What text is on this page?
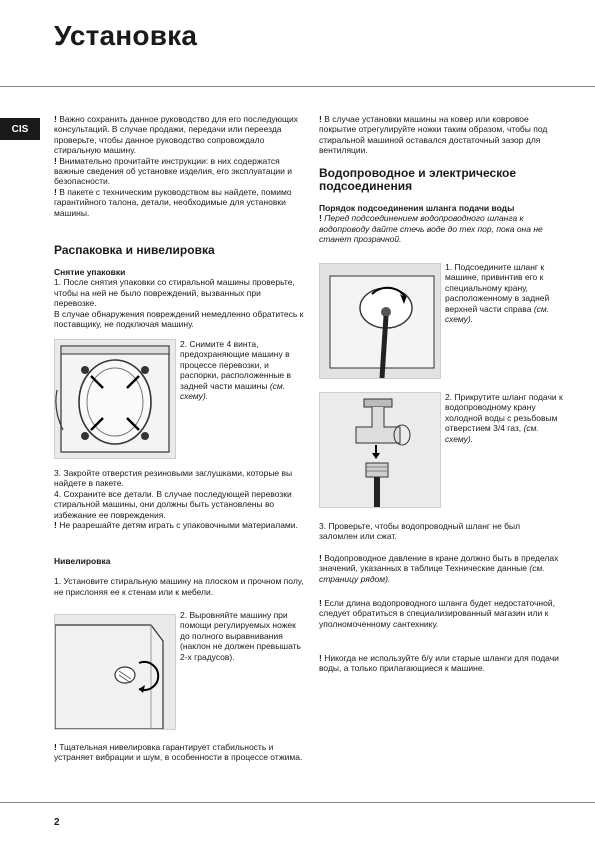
Установка
CIS

! Важно сохранить данное руководство для его последующих консультаций. В случае продажи, передачи или переезда проверьте, чтобы данное руководство сопровождало стиральную машину.

! Внимательно прочитайте инструкции: в них содержатся важные сведения об установке изделия, его эксплуатации и безопасности.

! В пакете с техническим руководством вы найдете, помимо гарантийного талона, детали, необходимые для установки машины.

Распаковка и нивелировка
Снятие упаковки

1. После снятия упаковки со стиральной машины проверьте, чтобы на ней не было повреждений, вызванных при перевозке.

В случае обнаружения повреждений немедленно обратитесь к поставщику, не подключая машину.

2. Снимите 4 винта, предохраняющие машину в процессе перевозки, и распорки, расположенные в задней части машины (см. схему).

3. Закройте отверстия резиновыми заглушками, которые вы найдете в пакете.

4. Сохраните все детали. В случае последующей перевозки стиральной машины, они должны быть установлены во избежание ее повреждения.

! Не разрешайте детям играть с упаковочными материалами.

Нивелировка

1. Установите стиральную машину на плоском и прочном полу, не прислоняя ее к стенам или к мебели.

2. Выровняйте машину при помощи регулируемых ножек до полного выравнивания (наклон не должен превышать 2-х градусов).

! Тщательная нивелировка гарантирует стабильность и устраняет вибрации и шум, в особенности в процессе отжима.

! В случае установки машины на ковер или ковровое покрытие отрегулируйте ножки таким образом, чтобы под стиральной машиной оставался достаточный зазор для вентиляции.

Водопроводное и электрическое подсоединения
Порядок подсоединения шланга подачи воды

! Перед подсоединением водопроводного шланга к водопроводу дайте стечь воде до тех пор, пока она не станет прозрачной.

1. Подсоедините шланг к машине, привинтив его к специальному крану, расположенному в задней верхней части справа (см. схему).

2. Прикрутите шланг подачи к водопроводному крану холодной воды с резьбовым отверстием 3/4 газ, (см. схему).

3. Проверьте, чтобы водопроводный шланг не был заломлен или сжат.

! Водопроводное давление в кране должно быть в пределах значений, указанных в таблице Технические данные (см. страницу рядом).

! Если длина водопроводного шланга будет недостаточной, следует обратиться в специализированный магазин или к уполномоченному сантехнику.

! Никогда не используйте б/у или старые шланги для подачи воды, а только прилагающиеся к машине.

2
